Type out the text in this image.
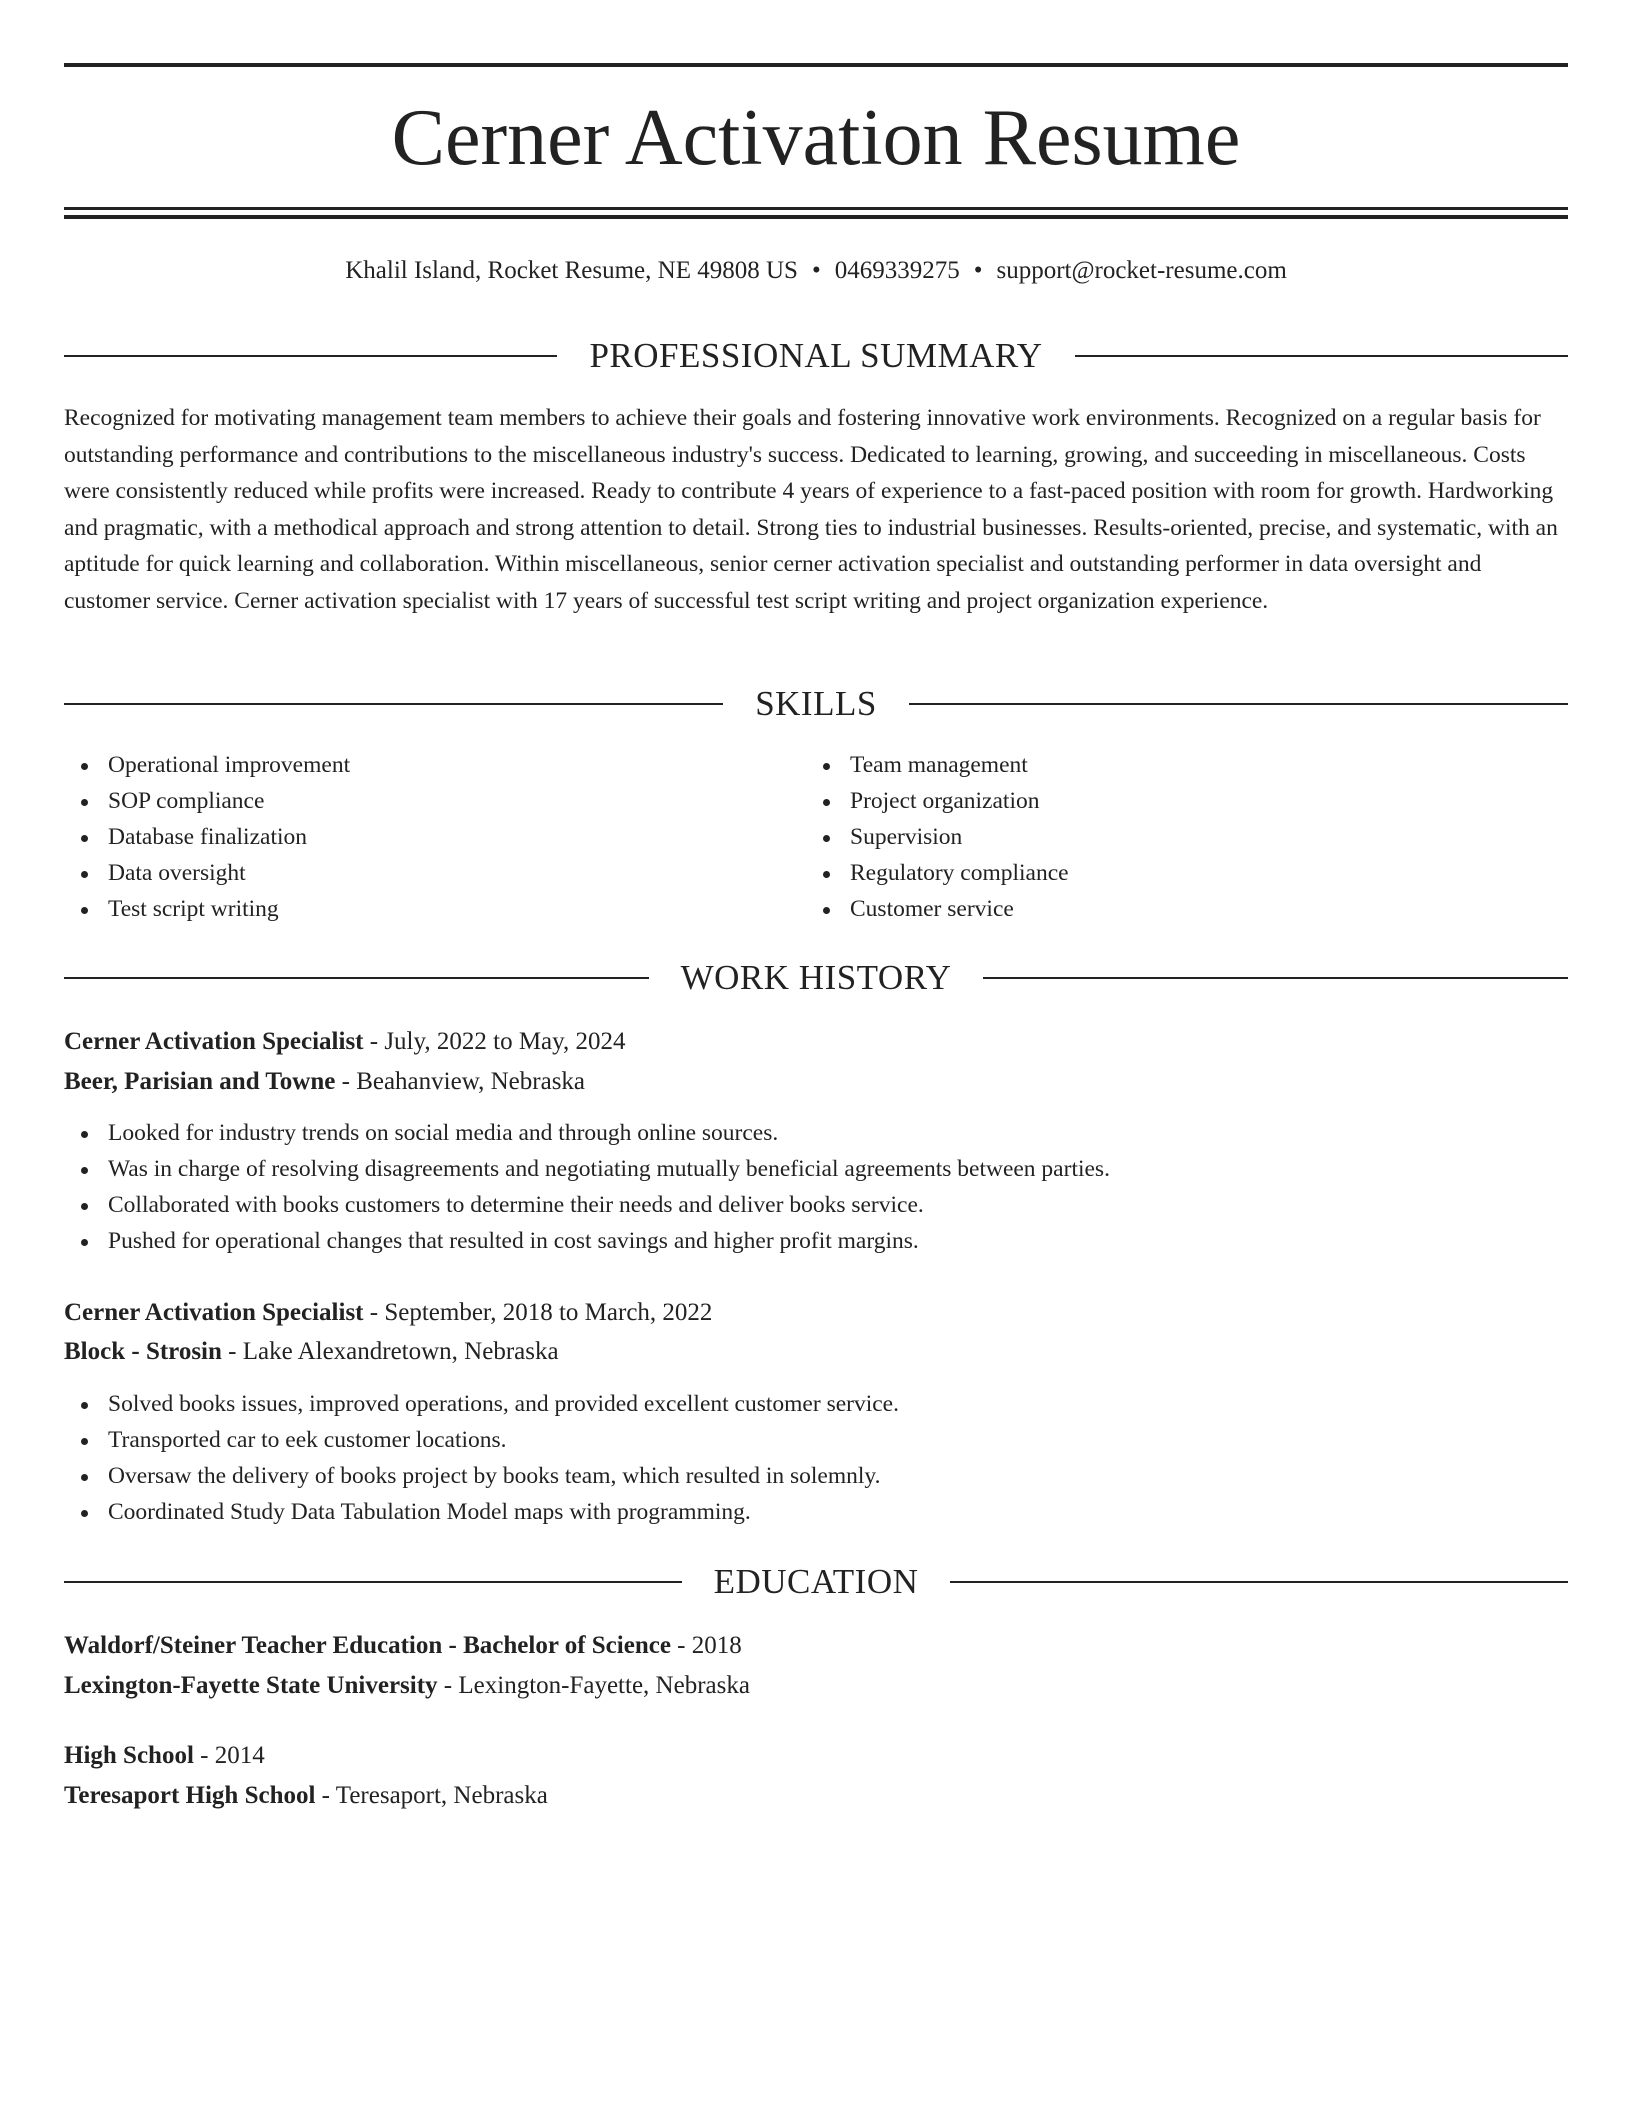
Cerner Activation Resume
Khalil Island, Rocket Resume, NE 49808 US • 0469339275 • support@rocket-resume.com
PROFESSIONAL SUMMARY

Recognized for motivating management team members to achieve their goals and fostering innovative work environments. Recognized on a regular basis for outstanding performance and contributions to the miscellaneous industry's success. Dedicated to learning, growing, and succeeding in miscellaneous. Costs were consistently reduced while profits were increased. Ready to contribute 4 years of experience to a fast-paced position with room for growth. Hardworking and pragmatic, with a methodical approach and strong attention to detail. Strong ties to industrial businesses. Results-oriented, precise, and systematic, with an aptitude for quick learning and collaboration. Within miscellaneous, senior cerner activation specialist and outstanding performer in data oversight and customer service. Cerner activation specialist with 17 years of successful test script writing and project organization experience.

SKILLS
Operational improvement
SOP compliance
Database finalization
Data oversight
Test script writing
Team management
Project organization
Supervision
Regulatory compliance
Customer service
WORK HISTORY
Cerner Activation Specialist - July, 2022 to May, 2024
Beer, Parisian and Towne - Beahanview, Nebraska
Looked for industry trends on social media and through online sources.
Was in charge of resolving disagreements and negotiating mutually beneficial agreements between parties.
Collaborated with books customers to determine their needs and deliver books service.
Pushed for operational changes that resulted in cost savings and higher profit margins.
Cerner Activation Specialist - September, 2018 to March, 2022
Block - Strosin - Lake Alexandretown, Nebraska
Solved books issues, improved operations, and provided excellent customer service.
Transported car to eek customer locations.
Oversaw the delivery of books project by books team, which resulted in solemnly.
Coordinated Study Data Tabulation Model maps with programming.
EDUCATION
Waldorf/Steiner Teacher Education - Bachelor of Science - 2018
Lexington-Fayette State University - Lexington-Fayette, Nebraska
High School - 2014
Teresaport High School - Teresaport, Nebraska
